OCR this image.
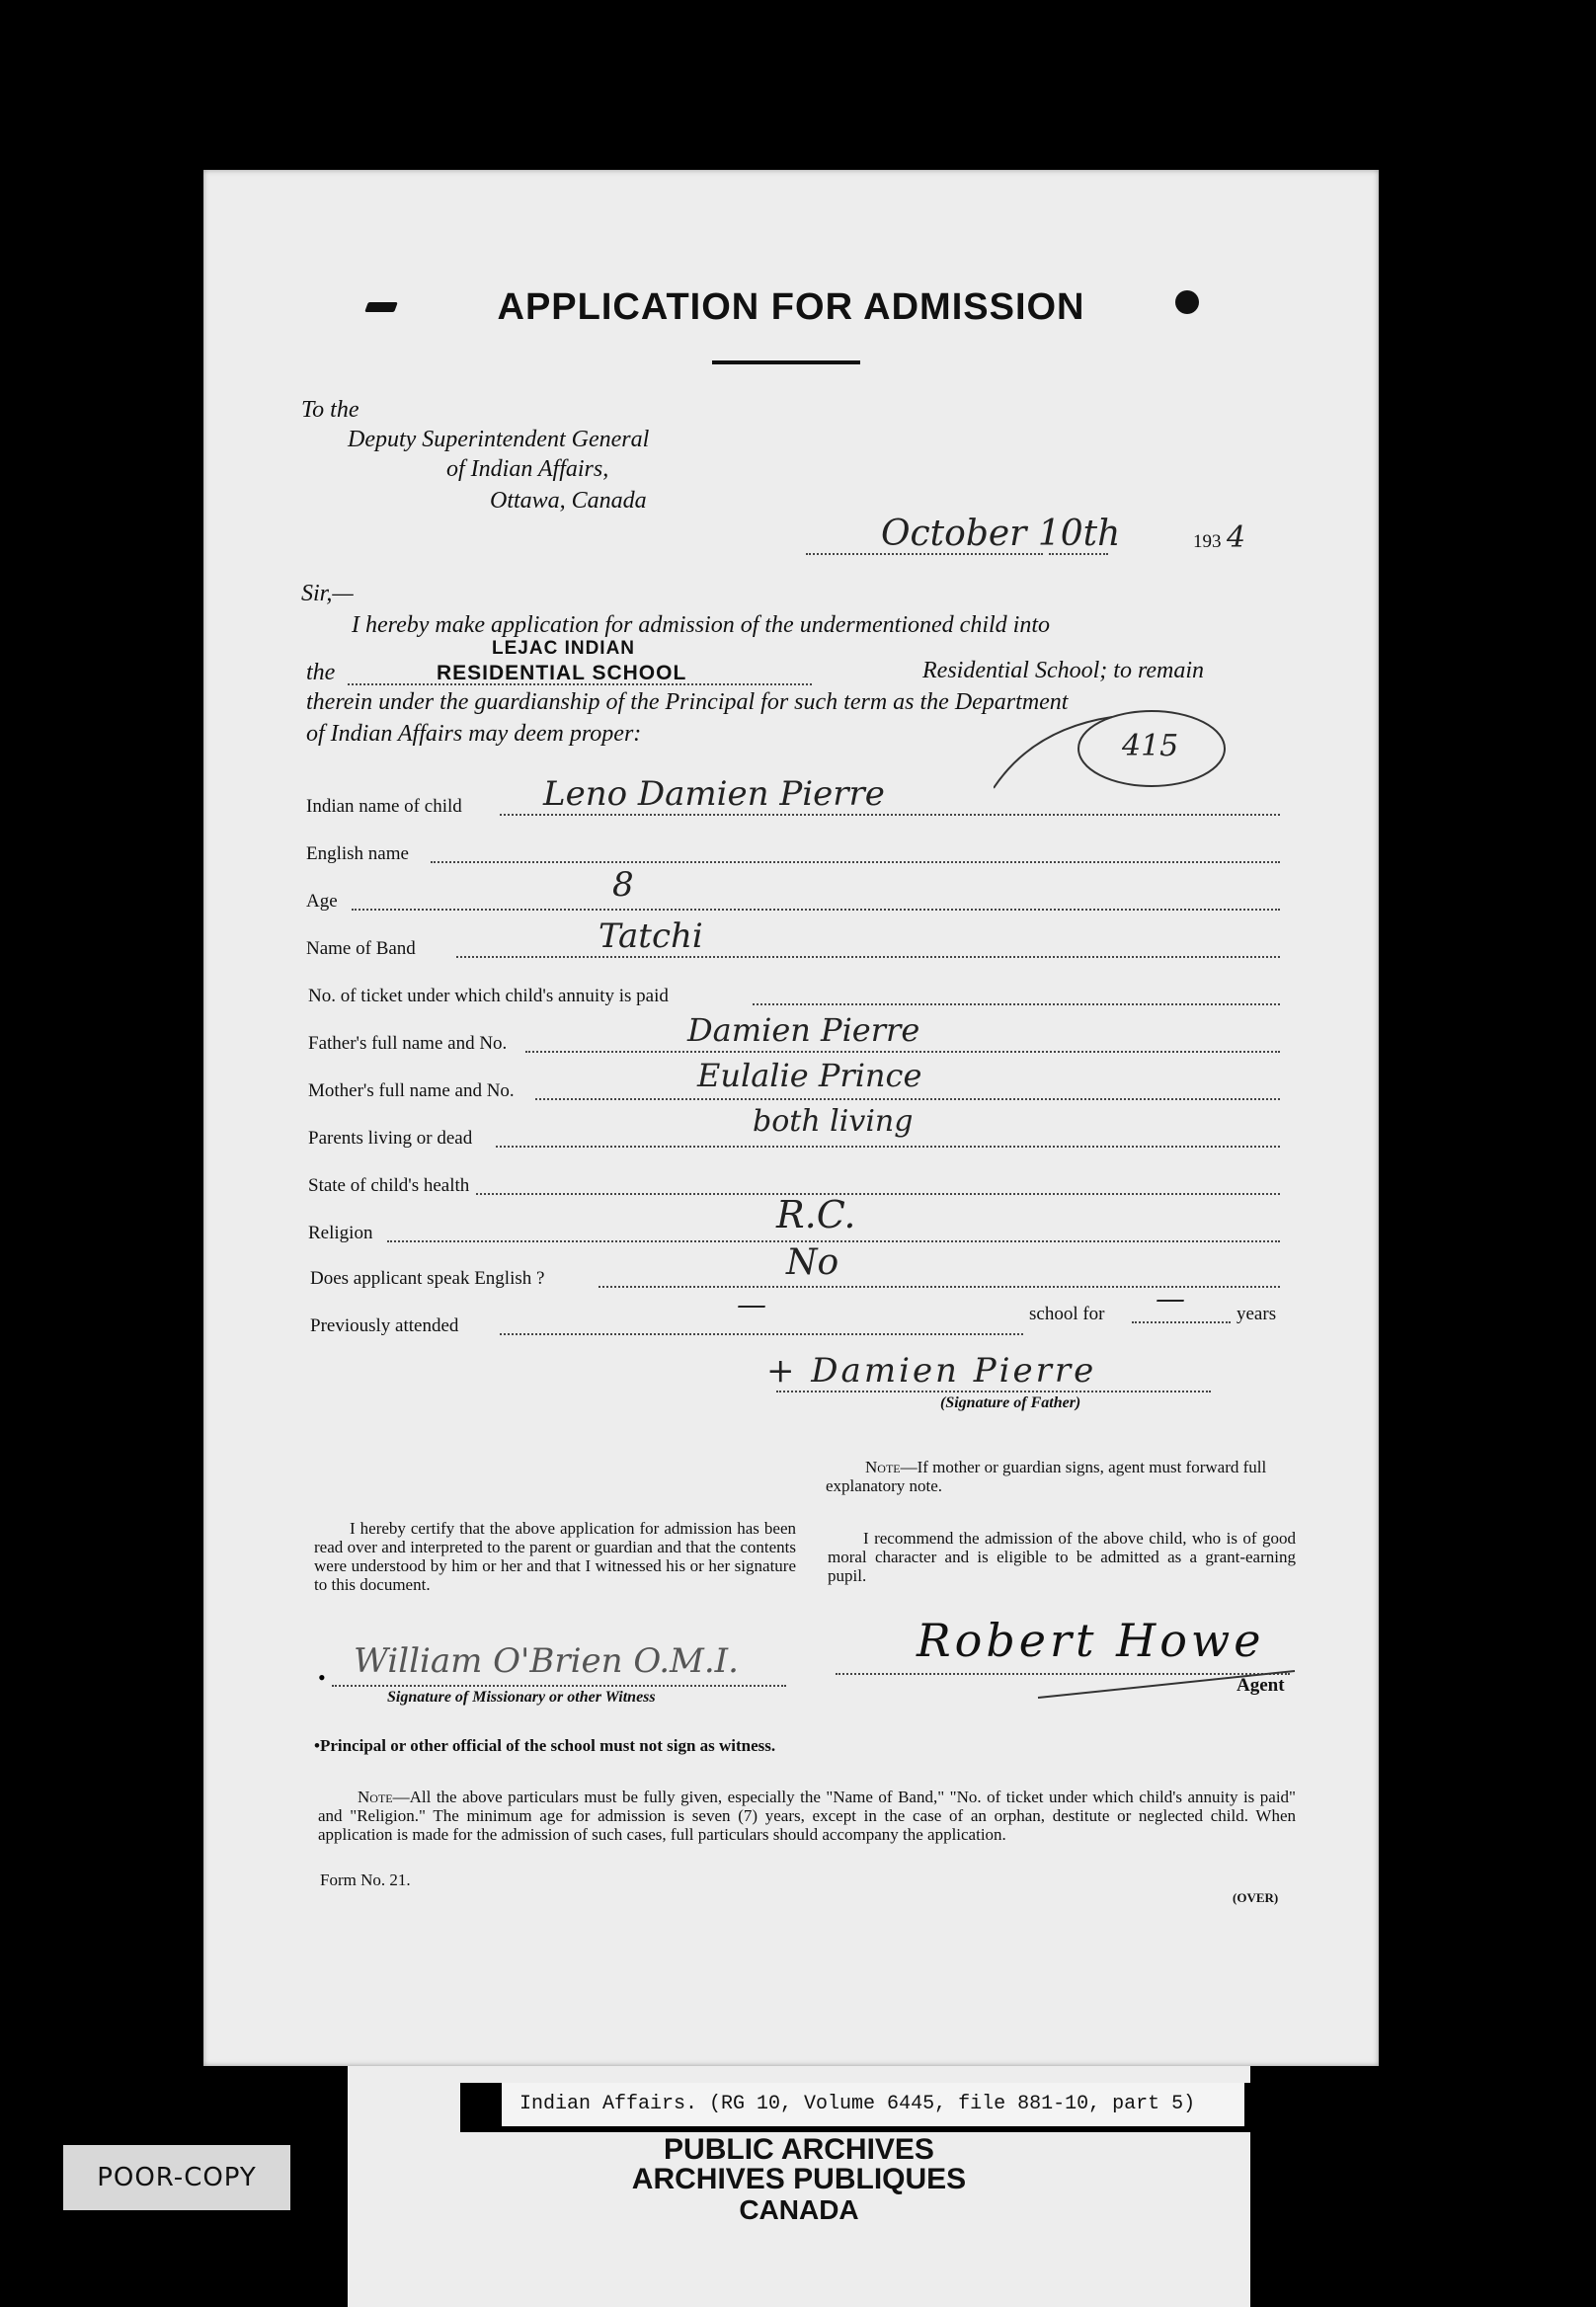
APPLICATION FOR ADMISSION
To the
Deputy Superintendent General
of Indian Affairs,
Ottawa, Canada
October 10th	193 4
Sir,—
I hereby make application for admission of the undermentioned child into
LEJAC INDIAN
the	RESIDENTIAL SCHOOL	Residential School; to remain
therein under the guardianship of the Principal for such term as the Department
of Indian Affairs may deem proper:	415
Indian name of child Leno Damien Pierre
English name
Age	8
Name of Band	Tatchi
No. of ticket under which child's annuity is paid
Father's full name and No.	Damien Pierre
Mother's full name and No.	Eulalie Prince
Parents living or dead	both living
State of child's health
Religion	R.C.
Does applicant speak English ?	No
Previously attended
—	school for —	years
+ Damien Pierre
(Signature of Father)
Note—If mother or guardian signs, agent must forward full explanatory note.
I hereby certify that the above application for admission has been read over and interpreted to the parent or guardian and that the contents were understood by him or her and that I witnessed his or her signature to this document.
I recommend the admission of the above child, who is of good moral character and is eligible to be admitted as a grant-earning pupil.
• William O'Brien O.M.I.
Signature of Missionary or other Witness
Robert Howe
Agent
•Principal or other official of the school must not sign as witness.
Note—All the above particulars must be fully given, especially the "Name of Band," "No. of ticket under which child's annuity is paid" and "Religion." The minimum age for admission is seven (7) years, except in the case of an orphan, destitute or neglected child. When application is made for the admission of such cases, full particulars should accompany the application.
Form No. 21.
(OVER)
Indian Affairs. (RG 10, Volume 6445, file 881-10, part 5)
PUBLIC ARCHIVES
ARCHIVES PUBLIQUES
CANADA
POOR-COPY
